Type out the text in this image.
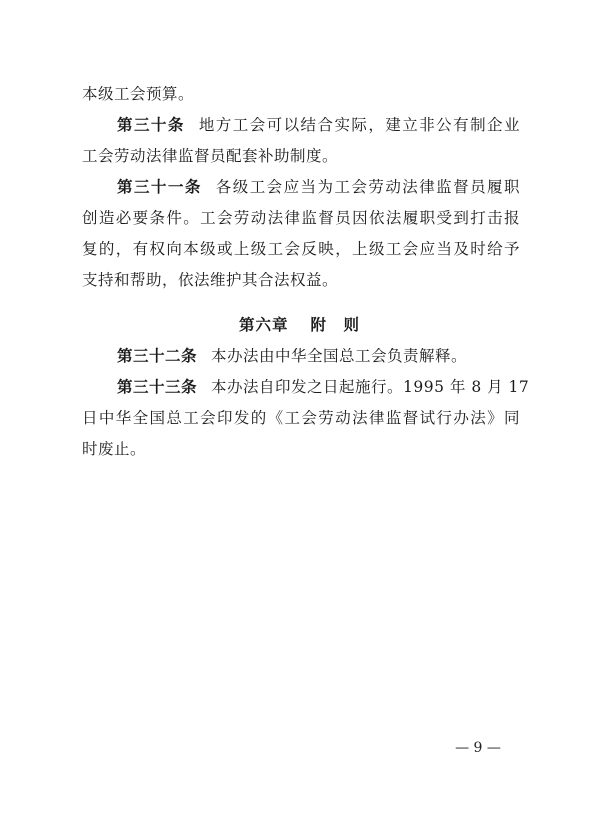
本级工会预算。
第三十条 地方工会可以结合实际，建立非公有制企业
工会劳动法律监督员配套补助制度。
第三十一条 各级工会应当为工会劳动法律监督员履职
创造必要条件。工会劳动法律监督员因依法履职受到打击报
复的，有权向本级或上级工会反映，上级工会应当及时给予
支持和帮助，依法维护其合法权益。
第六章 附　则
第三十二条 本办法由中华全国总工会负责解释。
第三十三条 本办法自印发之日起施行。1995 年 8 月 17
日中华全国总工会印发的《工会劳动法律监督试行办法》同
时废止。
— 9 —
